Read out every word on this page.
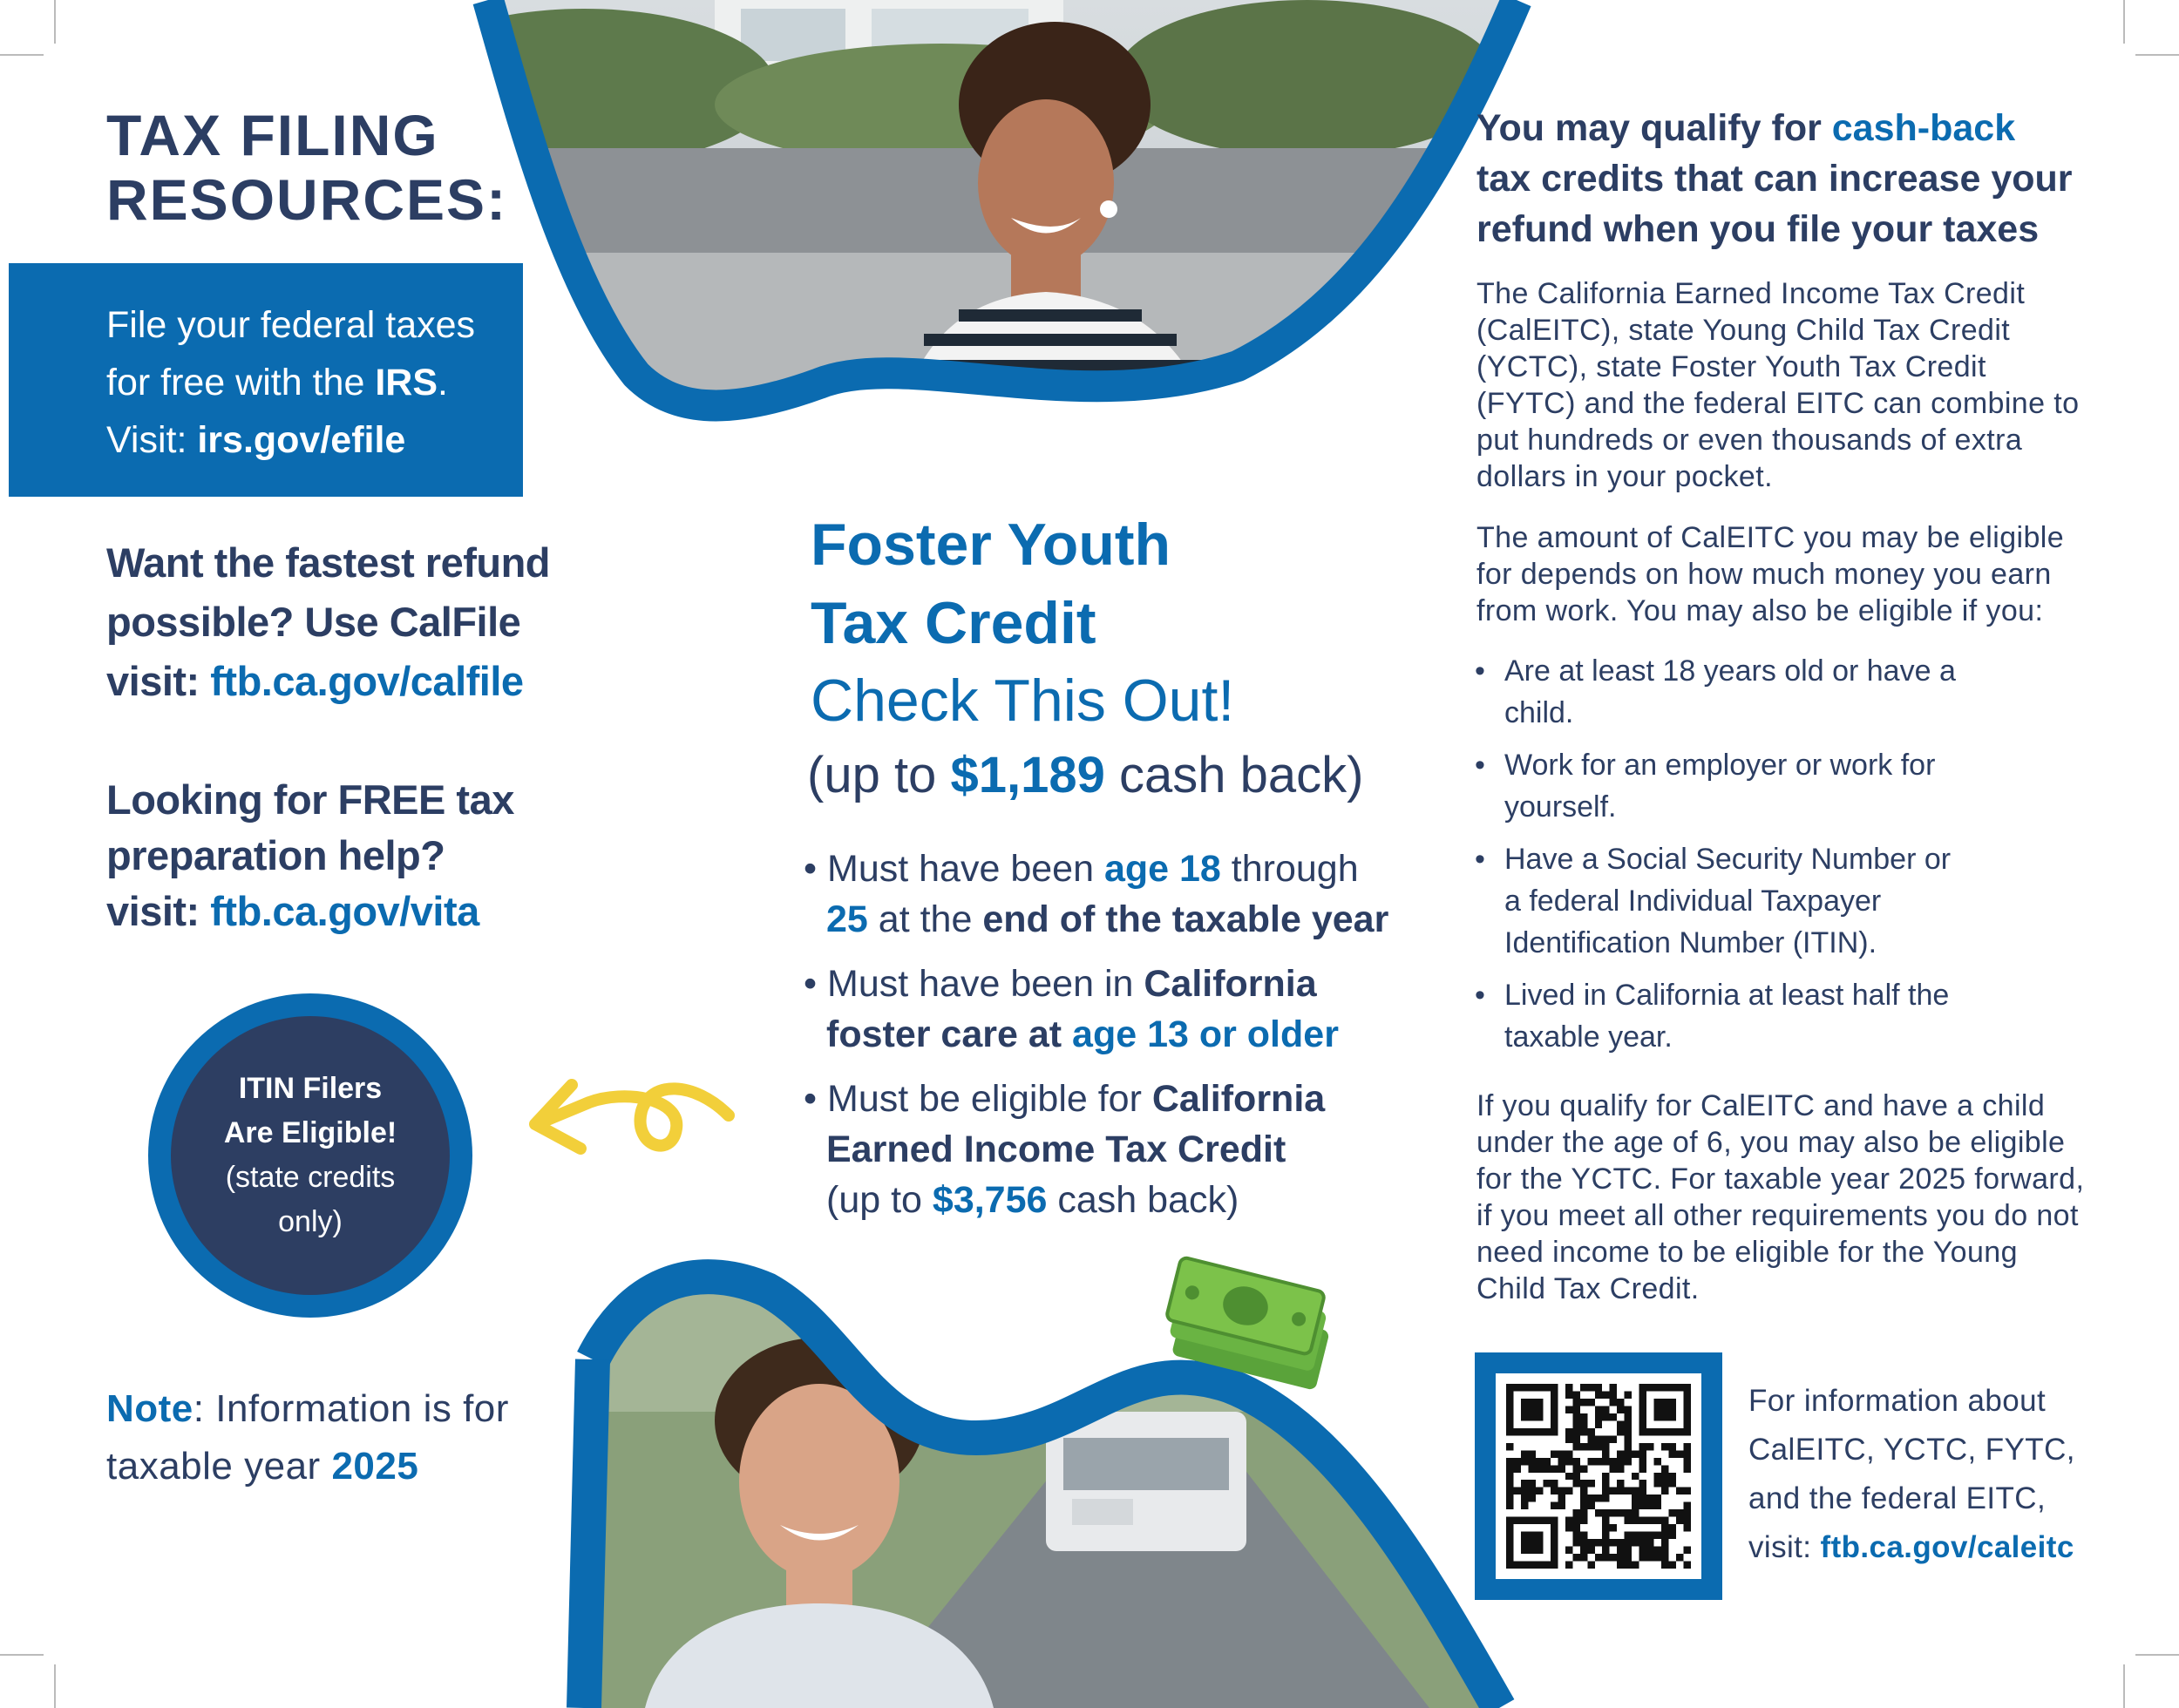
TAX FILING
RESOURCES:
File your federal taxes
for free with the IRS.
Visit: irs.gov/efile
Want the fastest refund
possible? Use CalFile
visit: ftb.ca.gov/calfile
Looking for FREE tax
preparation help?
visit: ftb.ca.gov/vita
ITIN Filers
Are Eligible!
(state credits
only)
Note: Information is for
taxable year 2025
Foster Youth
Tax Credit
Check This Out!
(up to $1,189 cash back)
• Must have been age 18 through
25 at the end of the taxable year
• Must have been in California
foster care at age 13 or older
• Must be eligible for California
Earned Income Tax Credit
(up to $3,756 cash back)
You may qualify for cash-back
tax credits that can increase your
refund when you file your taxes
The California Earned Income Tax Credit (CalEITC), state Young Child Tax Credit (YCTC), state Foster Youth Tax Credit (FYTC) and the federal EITC can combine to put hundreds or even thousands of extra dollars in your pocket.
The amount of CalEITC you may be eligible for depends on how much money you earn from work. You may also be eligible if you:
• Are at least 18 years old or have a child.
• Work for an employer or work for yourself.
• Have a Social Security Number or a federal Individual Taxpayer Identification Number (ITIN).
• Lived in California at least half the taxable year.
If you qualify for CalEITC and have a child under the age of 6, you may also be eligible for the YCTC. For taxable year 2025 forward, if you meet all other requirements you do not need income to be eligible for the Young Child Tax Credit.
For information about
CalEITC, YCTC, FYTC,
and the federal EITC,
visit: ftb.ca.gov/caleitc
